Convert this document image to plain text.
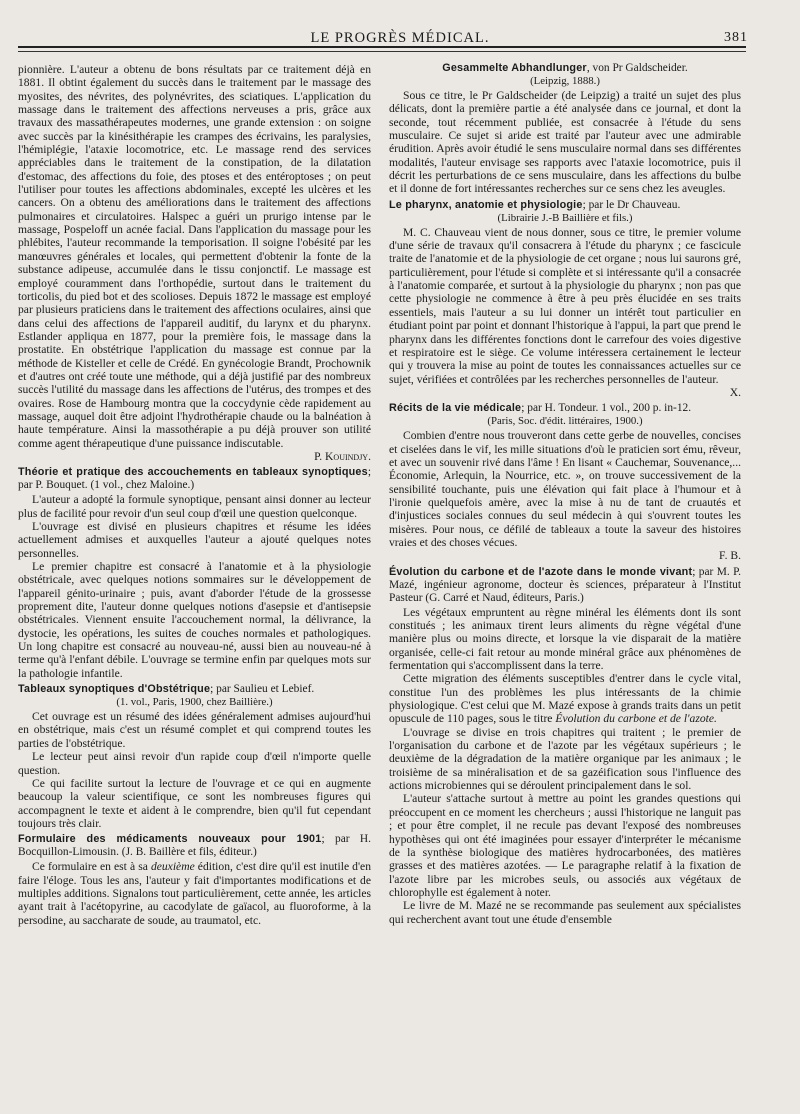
LE PROGRÈS MÉDICAL.	381

pionnière. L'auteur a obtenu de bons résultats par ce traitement déjà en 1881. Il obtint également du succès dans le traitement par le massage des myosites, des névrites, des polynévrites, des sciatiques. L'application du massage dans le traitement des affections nerveuses a pris, grâce aux travaux des massathérapeutes modernes, une grande extension : on soigne avec succès par la kinésithérapie les crampes des écrivains, les paralysies, l'hémiplégie, l'ataxie locomotrice, etc. Le massage rend des services appréciables dans le traitement de la constipation, de la dilatation d'estomac, des affections du foie, des ptoses et des entéroptoses ; on peut l'utiliser pour toutes les affections abdominales, excepté les ulcères et les cancers. On a obtenu des améliorations dans le traitement des affections pulmonaires et circulatoires. Halspec a guéri un prurigo intense par le massage, Pospeloff un acnée facial. Dans l'application du massage pour les phlébites, l'auteur recommande la temporisation. Il soigne l'obésité par les manœuvres générales et locales, qui permettent d'obtenir la fonte de la substance adipeuse, accumulée dans le tissu conjonctif. Le massage est employé couramment dans l'orthopédie, surtout dans le traitement du torticolis, du pied bot et des scolioses. Depuis 1872 le massage est employé par plusieurs praticiens dans le traitement des affections oculaires, ainsi que dans celui des affections de l'appareil auditif, du larynx et du pharynx. Estlander appliqua en 1877, pour la première fois, le massage dans la prostatite. En obstétrique l'application du massage est connue par la méthode de Kisteller et celle de Crédé. En gynécologie Brandt, Prochownik et d'autres ont créé toute une méthode, qui a déjà justifié par des nombreux succès l'utilité du massage dans les affections de l'utérus, des trompes et des ovaires. Rose de Hambourg montra que la coccydynie cède rapidement au massage, auquel doit être adjoint l'hydrothérapie chaude ou la balnéation à haute température. Ainsi la massothérapie a pu déjà prouver son utilité comme agent thérapeutique d'une puissance indiscutable.
P. Kouindjy.

Théorie et pratique des accouchements en tableaux synoptiques; par P. Bouquet. (1 vol., chez Maloine.)

L'auteur a adopté la formule synoptique, pensant ainsi donner au lecteur plus de facilité pour revoir d'un seul coup d'œil une question quelconque.

L'ouvrage est divisé en plusieurs chapitres et résume les idées actuellement admises et auxquelles l'auteur a ajouté quelques notes personnelles.

Le premier chapitre est consacré à l'anatomie et à la physiologie obstétricale, avec quelques notions sommaires sur le développement de l'appareil génito-urinaire ; puis, avant d'aborder l'étude de la grossesse proprement dite, l'auteur donne quelques notions d'asepsie et d'antisepsie obstétricales. Viennent ensuite l'accouchement normal, la délivrance, la dystocie, les opérations, les suites de couches normales et pathologiques. Un long chapitre est consacré au nouveau-né, aussi bien au nouveau-né à terme qu'à l'enfant débile. L'ouvrage se termine enfin par quelques mots sur la pathologie infantile.

Tableaux synoptiques d'Obstétrique; par Saulieu et Lebief.
(1. vol., Paris, 1900, chez Baillière.)

Cet ouvrage est un résumé des idées généralement admises aujourd'hui en obstétrique, mais c'est un résumé complet et qui comprend toutes les parties de l'obstétrique.

Le lecteur peut ainsi revoir d'un rapide coup d'œil n'importe quelle question.

Ce qui facilite surtout la lecture de l'ouvrage et ce qui en augmente beaucoup la valeur scientifique, ce sont les nombreuses figures qui accompagnent le texte et aident à le comprendre, bien qu'il fut cependant toujours très clair.

Formulaire des médicaments nouveaux pour 1901; par H. Bocquillon-Limousin. (J. B. Baillère et fils, éditeur.)

Ce formulaire en est à sa deuxième édition, c'est dire qu'il est inutile d'en faire l'éloge. Tous les ans, l'auteur y fait d'importantes modifications et de multiples additions. Signalons tout particulièrement, cette année, les articles ayant trait à l'acétopyrine, au cacodylate de gaïacol, au fluoroforme, à la persodine, au saccharate de soude, au traumatol, etc.

Gesammelte Abhandlunger, von Pr Galdscheider.
(Leipzig, 1888.)

Sous ce titre, le Pr Galdscheider (de Leipzig) a traité un sujet des plus délicats, dont la première partie a été analysée dans ce journal, et dont la seconde, tout récemment publiée, est consacrée à l'étude du sens musculaire. Ce sujet si aride est traité par l'auteur avec une admirable érudition. Après avoir étudié le sens musculaire normal dans ses différentes modalités, l'auteur envisage ses rapports avec l'ataxie locomotrice, puis il décrit les perturbations de ce sens musculaire, dans les affections du bulbe et il donne de fort intéressantes recherches sur ce sens chez les aveugles.

Le pharynx, anatomie et physiologie; par le Dr Chauveau.
(Librairie J.-B Baillière et fils.)

M. C. Chauveau vient de nous donner, sous ce titre, le premier volume d'une série de travaux qu'il consacrera à l'étude du pharynx ; ce fascicule traite de l'anatomie et de la physiologie de cet organe ; nous lui saurons gré, particulièrement, pour l'étude si complète et si intéressante qu'il a consacrée à l'anatomie comparée, et surtout à la physiologie du pharynx ; non pas que cette physiologie ne commence à être à peu près élucidée en ses traits essentiels, mais l'auteur a su lui donner un intérêt tout particulier en étudiant point par point et donnant l'historique à l'appui, la part que prend le pharynx dans les différentes fonctions dont le carrefour des voies digestive et respiratoire est le siège. Ce volume intéressera certainement le lecteur qui y trouvera la mise au point de toutes les connaissances actuelles sur ce sujet, vérifiées et contrôlées par les recherches personnelles de l'auteur.
X.

Récits de la vie médicale; par H. Tondeur. 1 vol., 200 p. in-12.
(Paris, Soc. d'édit. littéraires, 1900.)

Combien d'entre nous trouveront dans cette gerbe de nouvelles, concises et ciselées dans le vif, les mille situations d'où le praticien sort ému, rêveur, et avec un souvenir rivé dans l'âme ! En lisant « Cauchemar, Souvenance,... Économie, Arlequin, la Nourrice, etc. », on trouve successivement de la sensibilité touchante, puis une élévation qui fait place à l'humour et à l'ironie quelquefois amère, avec la mise à nu de tant de cruautés et d'injustices sociales connues du seul médecin à qui s'ouvrent toutes les misères. Pour nous, ce défilé de tableaux a toute la saveur des histoires vraies et des choses vécues.
F. B.

Évolution du carbone et de l'azote dans le monde vivant; par M. P. Mazé, ingénieur agronome, docteur ès sciences, préparateur à l'Institut Pasteur (G. Carré et Naud, éditeurs, Paris.)

Les végétaux empruntent au règne minéral les éléments dont ils sont constitués ; les animaux tirent leurs aliments du règne végétal d'une manière plus ou moins directe, et lorsque la vie disparait de la matière organisée, celle-ci fait retour au monde minéral grâce aux phénomènes de fermentation qui s'accomplissent dans la terre.

Cette migration des éléments susceptibles d'entrer dans le cycle vital, constitue l'un des problèmes les plus intéressants de la chimie physiologique. C'est celui que M. Mazé expose à grands traits dans un petit opuscule de 110 pages, sous le titre Évolution du carbone et de l'azote.

L'ouvrage se divise en trois chapitres qui traitent ; le premier de l'organisation du carbone et de l'azote par les végétaux supérieurs ; le deuxième de la dégradation de la matière organique par les animaux ; le troisième de sa minéralisation et de sa gazéification sous l'influence des actions microbiennes qui se déroulent principalement dans le sol.

L'auteur s'attache surtout à mettre au point les grandes questions qui préoccupent en ce moment les chercheurs ; aussi l'historique ne languit pas ; et pour être complet, il ne recule pas devant l'exposé des nombreuses hypothèses qui ont été imaginées pour essayer d'interpréter le mécanisme de la synthèse biologique des matières hydrocarbonées, des matières grasses et des matières azotées. — Le paragraphe relatif à la fixation de l'azote libre par les microbes seuls, ou associés aux végétaux de chlorophylle est également à noter.

Le livre de M. Mazé ne se recommande pas seulement aux spécialistes qui recherchent avant tout une étude d'ensemble
